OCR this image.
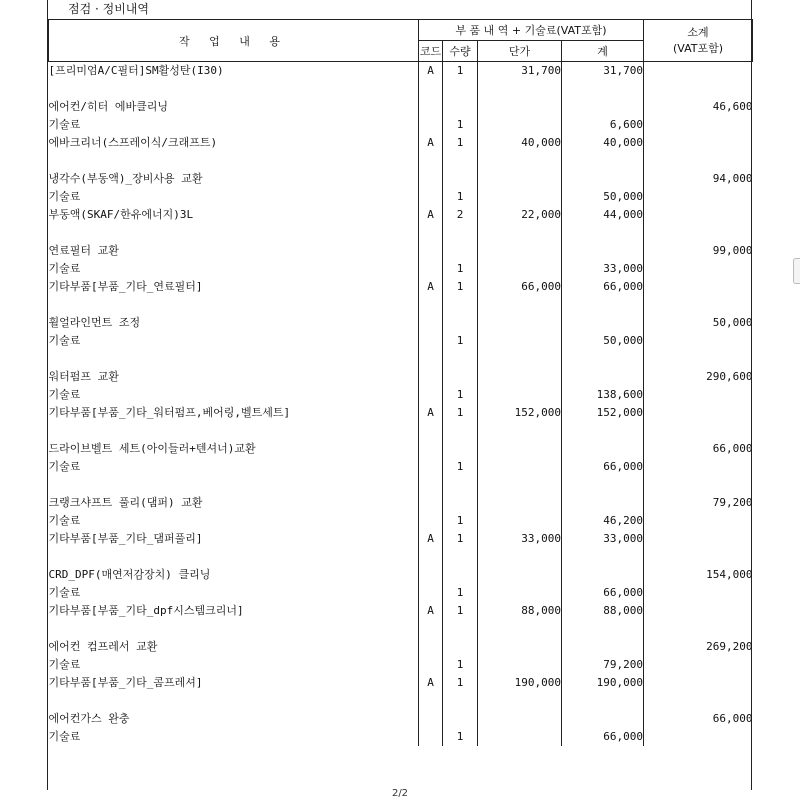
점검 · 정비내역
작 업 내 용	부 품 내 역 + 기술료(VAT포함)				소계
(VAT포함)

	코드	수량	단가	계	
[프리미엄A/C필터]SM활성탄(I30)	A	1	31,700	31,700	

에어컨/히터 에바클리닝					46,600
기술료		1		6,600	
에바크리너(스프레이식/크래프트)	A	1	40,000	40,000	

냉각수(부동액)_장비사용 교환					94,000
기술료		1		50,000	
부동액(SKAF/한유에너지)3L	A	2	22,000	44,000	

연료필터 교환					99,000
기술료		1		33,000	
기타부품[부품_기타_연료필터]	A	1	66,000	66,000	

휠얼라인먼트 조정					50,000
기술료		1		50,000	

워터펌프 교환					290,600
기술료		1		138,600	
기타부품[부품_기타_워터펌프,베어링,벨트세트]	A	1	152,000	152,000	

드라이브벨트 세트(아이들러+텐셔너)교환					66,000
기술료		1		66,000	

크랭크샤프트 풀리(댐퍼) 교환					79,200
기술료		1		46,200	
기타부품[부품_기타_댐퍼풀리]	A	1	33,000	33,000	

CRD_DPF(매연저감장치) 클리닝					154,000
기술료		1		66,000	
기타부품[부품_기타_dpf시스템크리너]	A	1	88,000	88,000	

에어컨 컴프레서 교환					269,200
기술료		1		79,200	
기타부품[부품_기타_콤프레셔]	A	1	190,000	190,000	

에어컨가스 완충					66,000
기술료		1		66,000	
2/2
